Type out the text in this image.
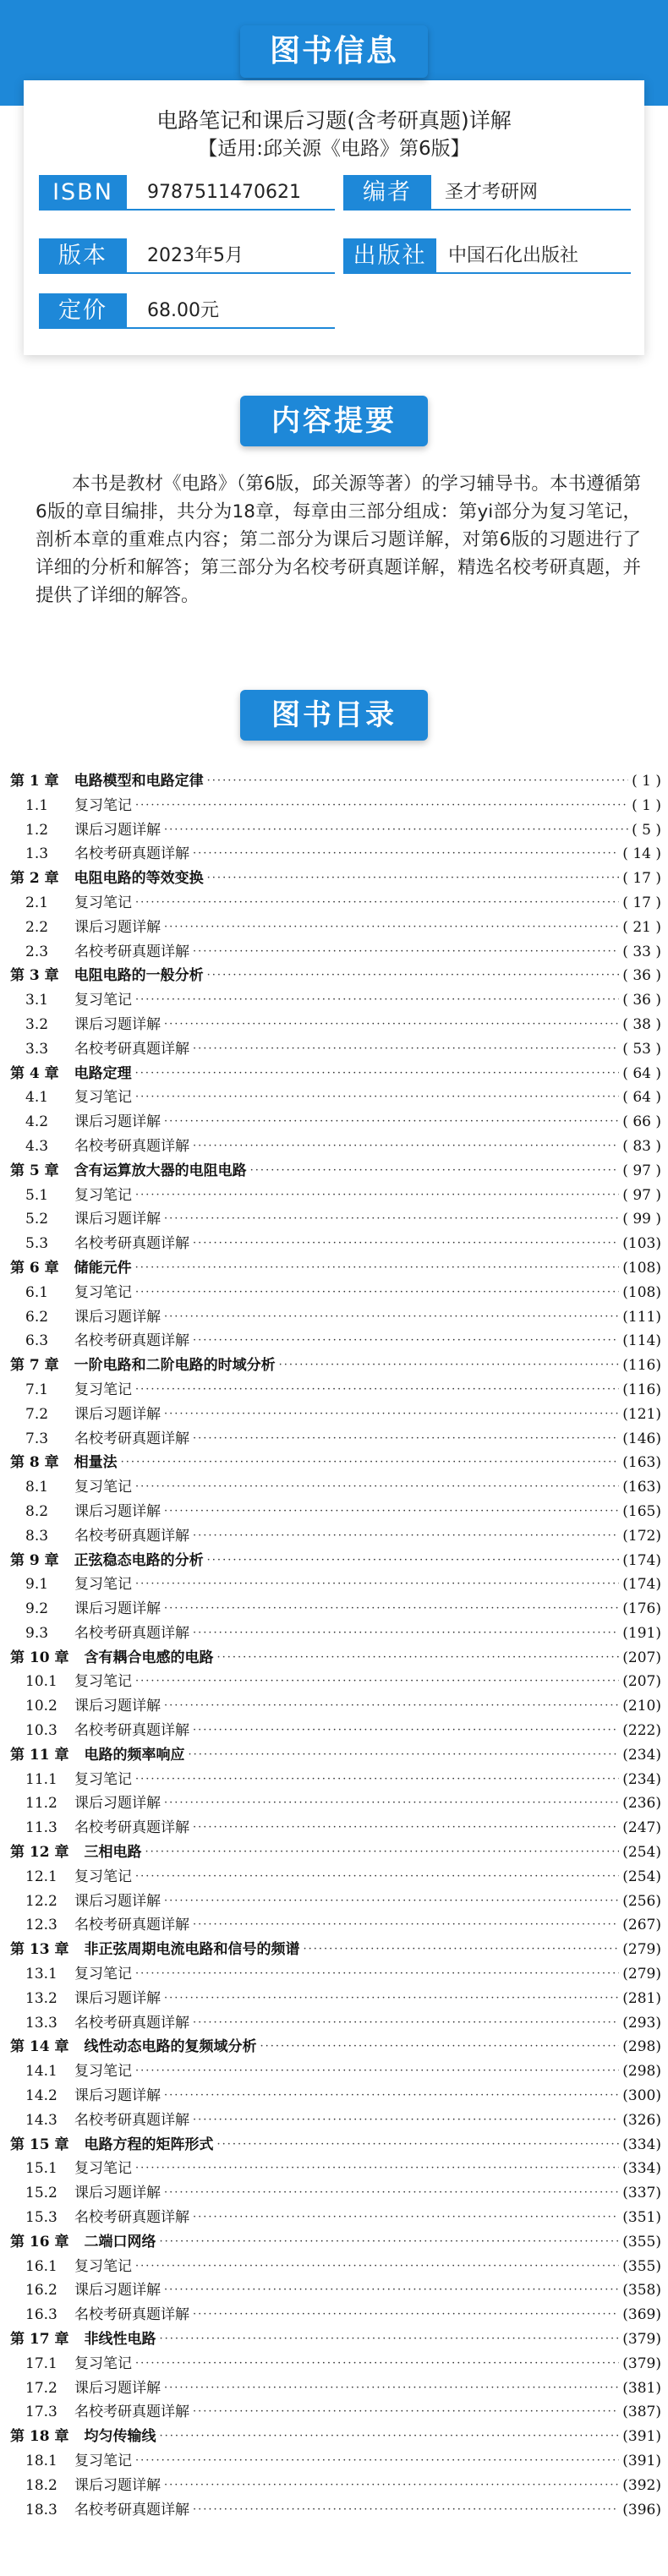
图书信息
电路笔记和课后习题(含考研真题)详解
【适用:邱关源《电路》第6版】
ISBN	9787511470621	编者	圣才考研网
版本	2023年5月	出版社	中国石化出版社
定价	68.00元
内容提要

本书是教材《电路》（第6版，邱关源等著）的学习辅导书。本书遵循第6版的章目编排，共分为18章，每章由三部分组成：第yi部分为复习笔记，剖析本章的重难点内容；第二部分为课后习题详解，对第6版的习题进行了详细的分析和解答；第三部分为名校考研真题详解，精选名校考研真题，并提供了详细的解答。

图书目录
第 1 章 电路模型和电路定律 ·····	( 1 )
1.1	复习笔记 ·····	( 1 )
1.2	课后习题详解 ·····	( 5 )
1.3	名校考研真题详解 ·····	( 14 )
第 2 章 电阻电路的等效变换 ·····	( 17 )
2.1	复习笔记 ·····	( 17 )
2.2	课后习题详解 ·····	( 21 )
2.3	名校考研真题详解 ·····	( 33 )
第 3 章 电阻电路的一般分析 ·····	( 36 )
3.1	复习笔记 ·····	( 36 )
3.2	课后习题详解 ·····	( 38 )
3.3	名校考研真题详解 ·····	( 53 )
第 4 章 电路定理 ·····	( 64 )
4.1	复习笔记 ·····	( 64 )
4.2	课后习题详解 ·····	( 66 )
4.3	名校考研真题详解 ·····	( 83 )
第 5 章 含有运算放大器的电阻电路 ·····	( 97 )
5.1	复习笔记 ·····	( 97 )
5.2	课后习题详解 ·····	( 99 )
5.3	名校考研真题详解 ·····	(103)
第 6 章 储能元件 ·····	(108)
6.1	复习笔记 ·····	(108)
6.2	课后习题详解 ·····	(111)
6.3	名校考研真题详解 ·····	(114)
第 7 章 一阶电路和二阶电路的时域分析 ·····	(116)
7.1	复习笔记 ·····	(116)
7.2	课后习题详解 ·····	(121)
7.3	名校考研真题详解 ·····	(146)
第 8 章 相量法 ·····	(163)
8.1	复习笔记 ·····	(163)
8.2	课后习题详解 ·····	(165)
8.3	名校考研真题详解 ·····	(172)
第 9 章 正弦稳态电路的分析 ·····	(174)
9.1	复习笔记 ·····	(174)
9.2	课后习题详解 ·····	(176)
9.3	名校考研真题详解 ·····	(191)
第 10 章 含有耦合电感的电路 ·····	(207)
10.1	复习笔记 ·····	(207)
10.2	课后习题详解 ·····	(210)
10.3	名校考研真题详解 ·····	(222)
第 11 章 电路的频率响应 ·····	(234)
11.1	复习笔记 ·····	(234)
11.2	课后习题详解 ·····	(236)
11.3	名校考研真题详解 ·····	(247)
第 12 章 三相电路 ·····	(254)
12.1	复习笔记 ·····	(254)
12.2	课后习题详解 ·····	(256)
12.3	名校考研真题详解 ·····	(267)
第 13 章 非正弦周期电流电路和信号的频谱 ·····	(279)
13.1	复习笔记 ·····	(279)
13.2	课后习题详解 ·····	(281)
13.3	名校考研真题详解 ·····	(293)
第 14 章 线性动态电路的复频域分析 ·····	(298)
14.1	复习笔记 ·····	(298)
14.2	课后习题详解 ·····	(300)
14.3	名校考研真题详解 ·····	(326)
第 15 章 电路方程的矩阵形式 ·····	(334)
15.1	复习笔记 ·····	(334)
15.2	课后习题详解 ·····	(337)
15.3	名校考研真题详解 ·····	(351)
第 16 章 二端口网络 ·····	(355)
16.1	复习笔记 ·····	(355)
16.2	课后习题详解 ·····	(358)
16.3	名校考研真题详解 ·····	(369)
第 17 章 非线性电路 ·····	(379)
17.1	复习笔记 ·····	(379)
17.2	课后习题详解 ·····	(381)
17.3	名校考研真题详解 ·····	(387)
第 18 章 均匀传输线 ·····	(391)
18.1	复习笔记 ·····	(391)
18.2	课后习题详解 ·····	(392)
18.3	名校考研真题详解 ·····	(396)
